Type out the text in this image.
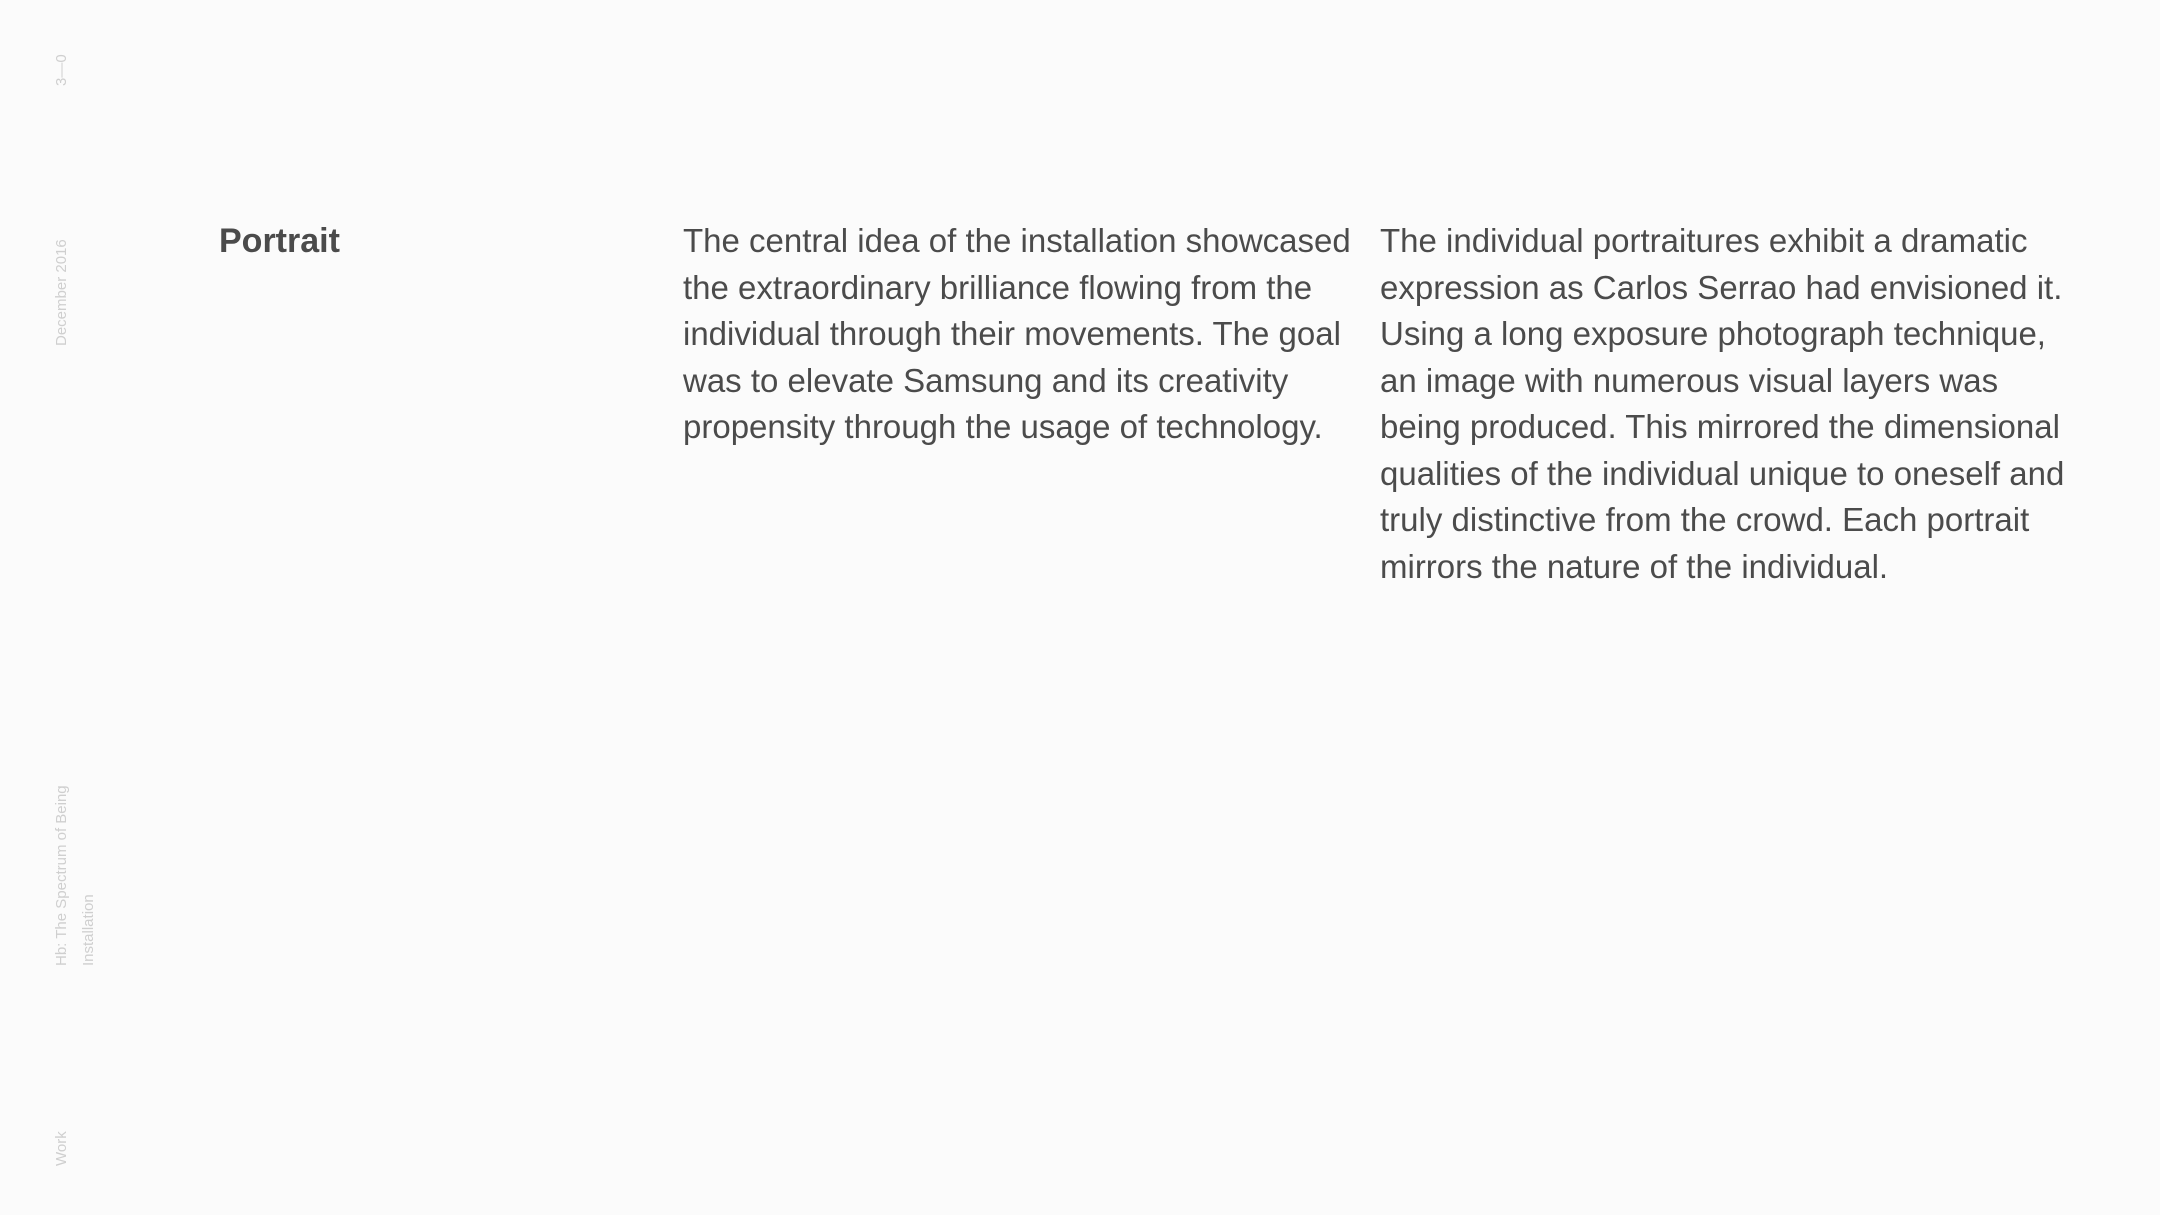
3—0
December 2016
Hb: The Spectrum of Being Installation
Work
Portrait	The central idea of the installation showcased
the extraordinary brilliance flowing from the
individual through their movements. The goal
was to elevate Samsung and its creativity
propensity through the usage of technology.

The individual portraitures exhibit a dramatic
expression as Carlos Serrao had envisioned it.
Using a long exposure photograph technique,
an image with numerous visual layers was
being produced. This mirrored the dimensional
qualities of the individual unique to oneself and
truly distinctive from the crowd. Each portrait
mirrors the nature of the individual.
